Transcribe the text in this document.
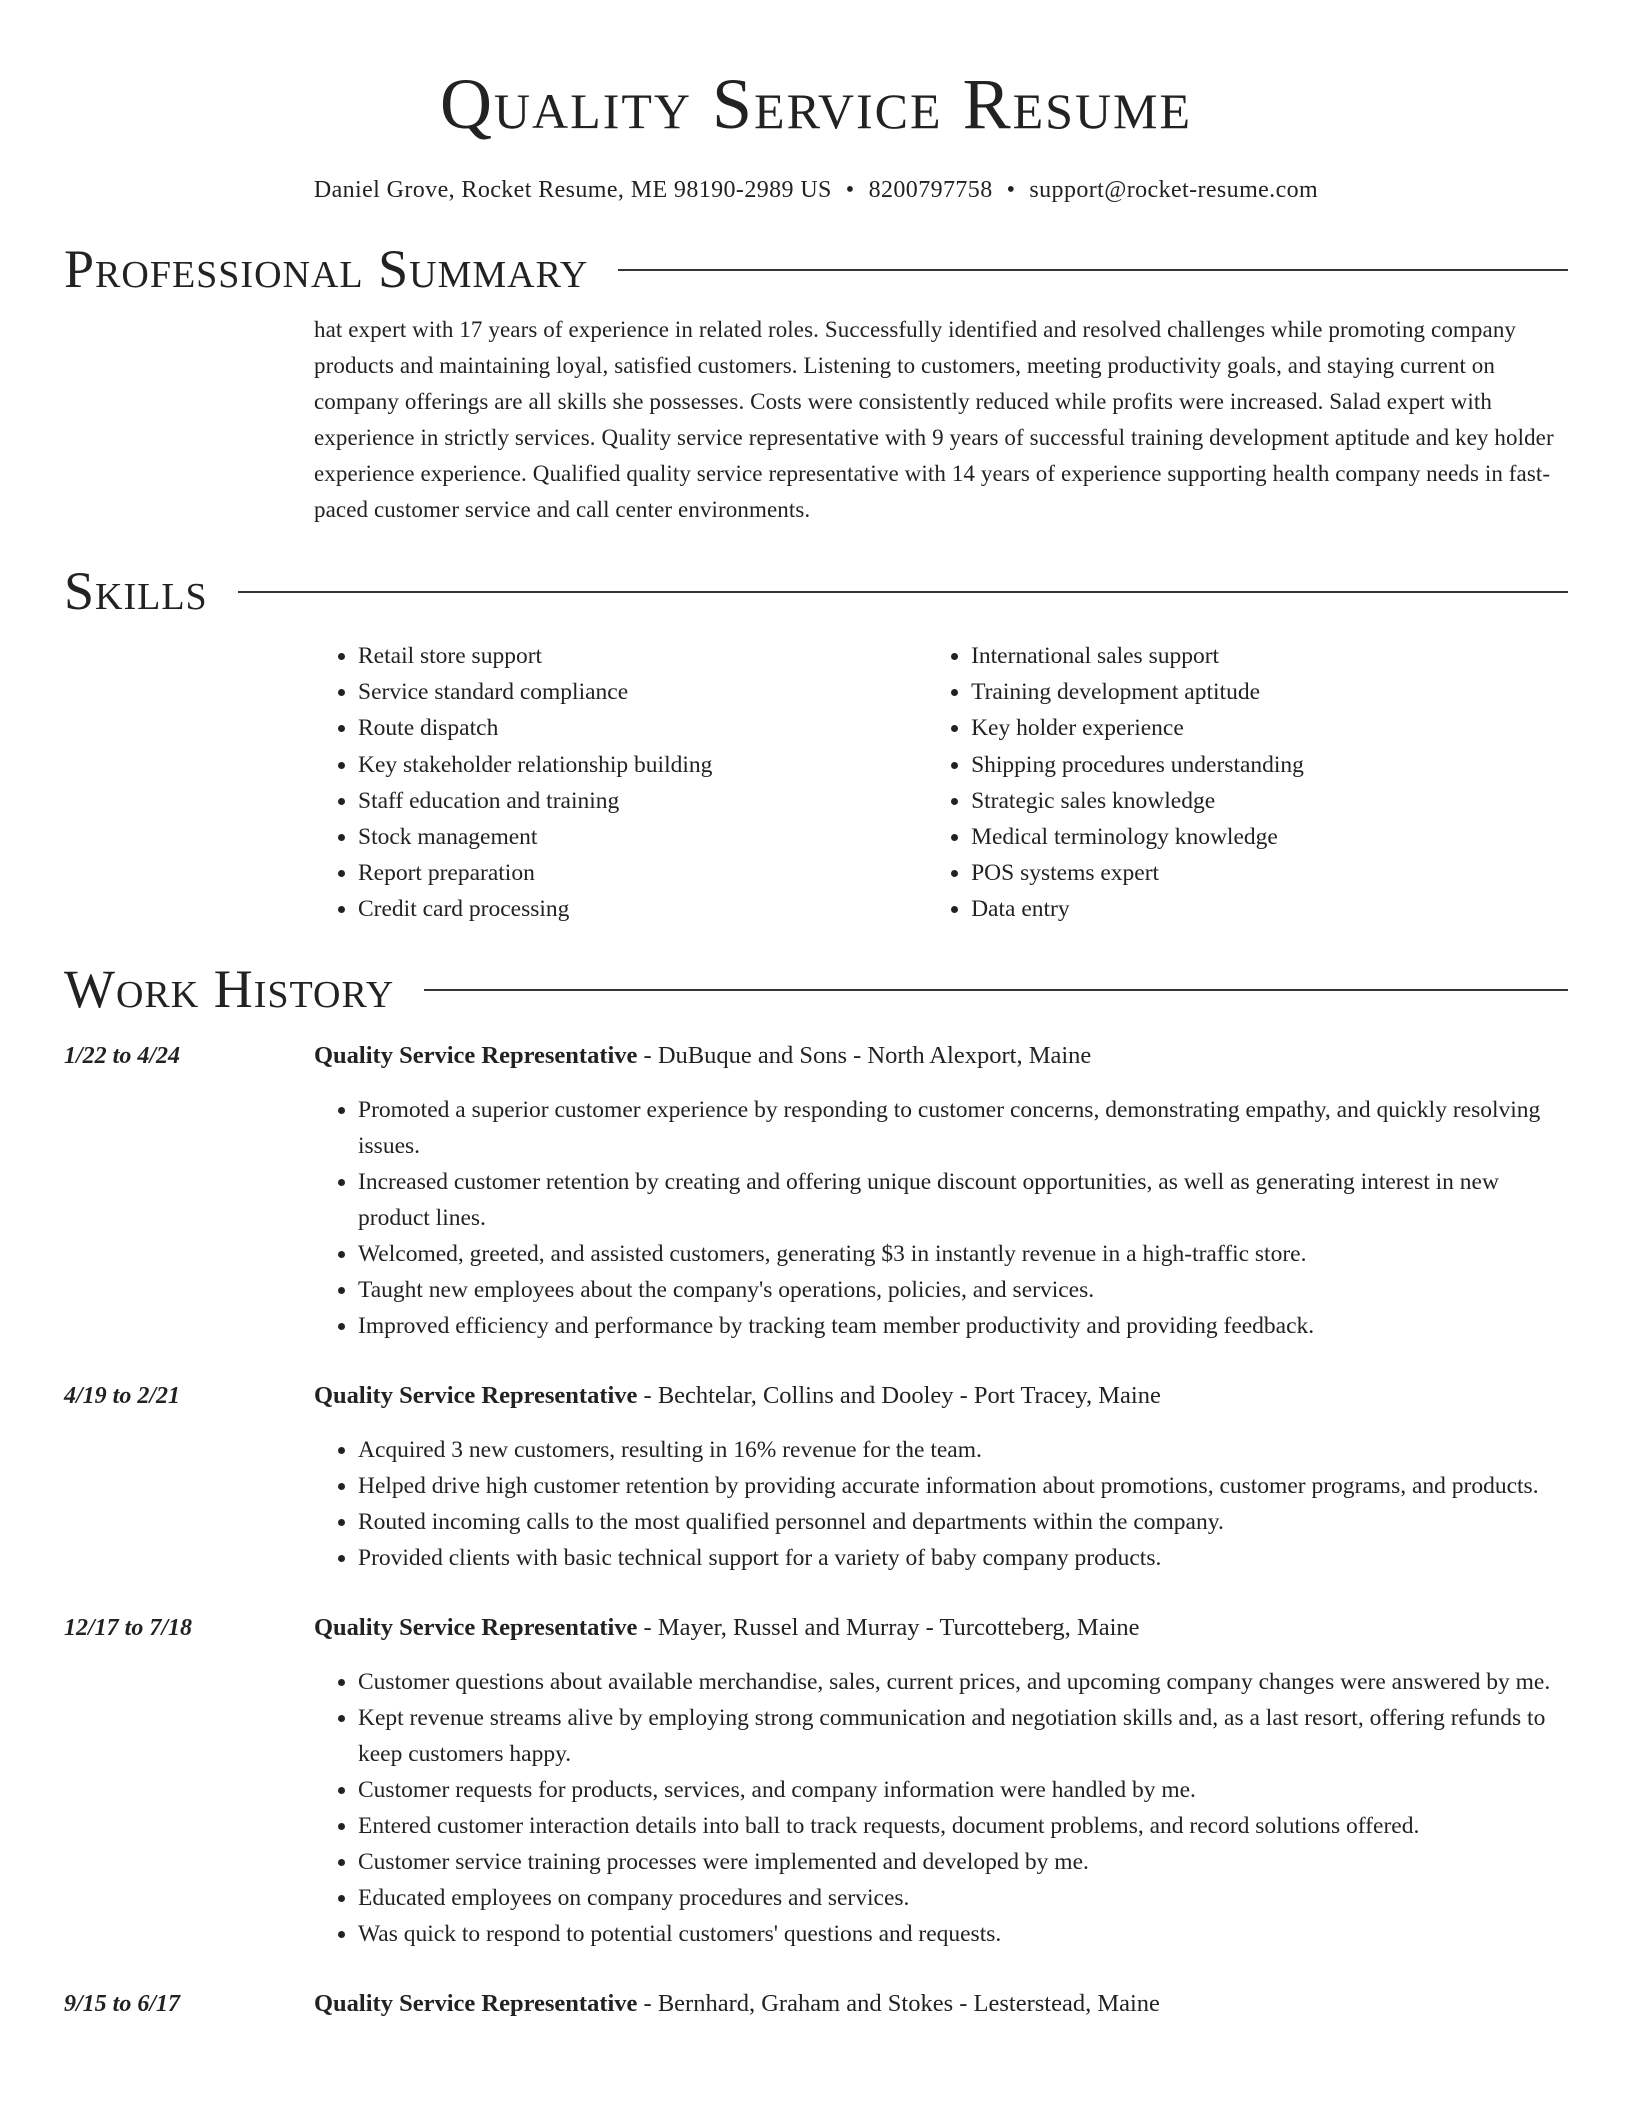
Quality Service Resume
Daniel Grove, Rocket Resume, ME 98190-2989 US • 8200797758 • support@rocket-resume.com
Professional Summary
hat expert with 17 years of experience in related roles. Successfully identified and resolved challenges while promoting company products and maintaining loyal, satisfied customers. Listening to customers, meeting productivity goals, and staying current on company offerings are all skills she possesses. Costs were consistently reduced while profits were increased. Salad expert with experience in strictly services. Quality service representative with 9 years of successful training development aptitude and key holder experience experience. Qualified quality service representative with 14 years of experience supporting health company needs in fast-paced customer service and call center environments.
Skills
• Retail store support
• Service standard compliance
• Route dispatch
• Key stakeholder relationship building
• Staff education and training
• Stock management
• Report preparation
• Credit card processing
• International sales support
• Training development aptitude
• Key holder experience
• Shipping procedures understanding
• Strategic sales knowledge
• Medical terminology knowledge
• POS systems expert
• Data entry
Work History
1/22 to 4/24	Quality Service Representative - DuBuque and Sons - North Alexport, Maine
• Promoted a superior customer experience by responding to customer concerns, demonstrating empathy, and quickly resolving issues.
• Increased customer retention by creating and offering unique discount opportunities, as well as generating interest in new product lines.
• Welcomed, greeted, and assisted customers, generating $3 in instantly revenue in a high-traffic store.
• Taught new employees about the company's operations, policies, and services.
• Improved efficiency and performance by tracking team member productivity and providing feedback.
4/19 to 2/21	Quality Service Representative - Bechtelar, Collins and Dooley - Port Tracey, Maine
• Acquired 3 new customers, resulting in 16% revenue for the team.
• Helped drive high customer retention by providing accurate information about promotions, customer programs, and products.
• Routed incoming calls to the most qualified personnel and departments within the company.
• Provided clients with basic technical support for a variety of baby company products.
12/17 to 7/18	Quality Service Representative - Mayer, Russel and Murray - Turcotteberg, Maine
• Customer questions about available merchandise, sales, current prices, and upcoming company changes were answered by me.
• Kept revenue streams alive by employing strong communication and negotiation skills and, as a last resort, offering refunds to keep customers happy.
• Customer requests for products, services, and company information were handled by me.
• Entered customer interaction details into ball to track requests, document problems, and record solutions offered.
• Customer service training processes were implemented and developed by me.
• Educated employees on company procedures and services.
• Was quick to respond to potential customers' questions and requests.
9/15 to 6/17	Quality Service Representative - Bernhard, Graham and Stokes - Lesterstead, Maine
